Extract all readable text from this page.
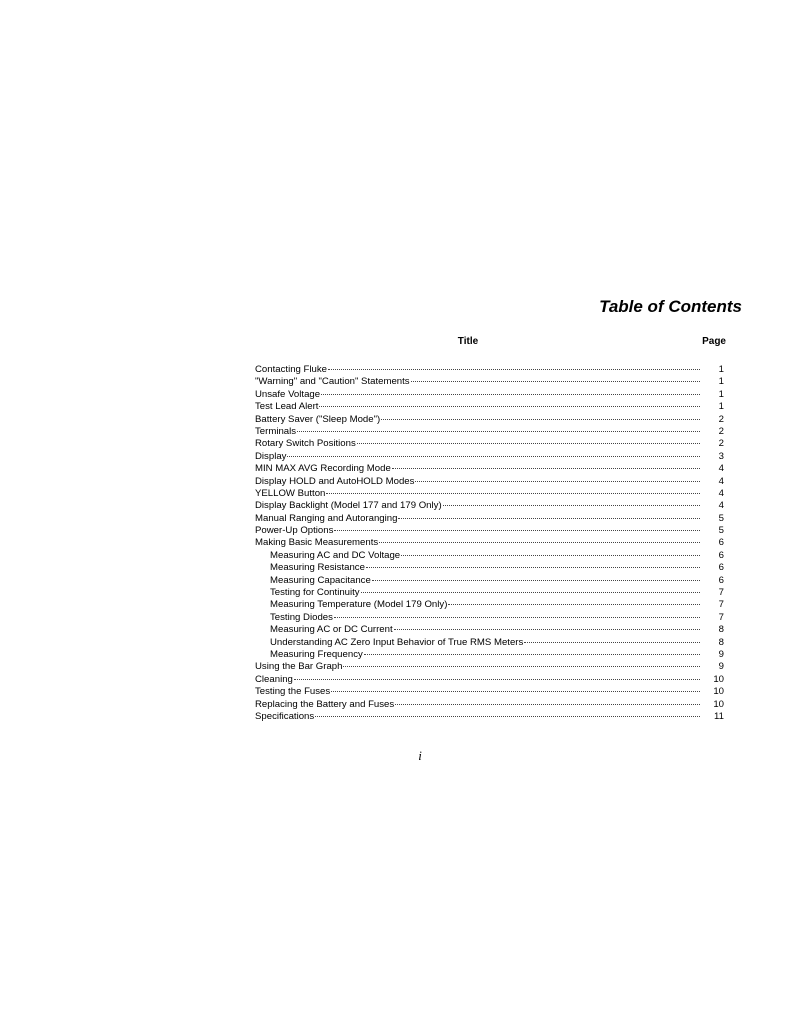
Table of Contents
Title	Page
Contacting Fluke	1
"Warning" and "Caution" Statements	1
Unsafe Voltage	1
Test Lead Alert	1
Battery Saver ("Sleep Mode")	2
Terminals	2
Rotary Switch Positions	2
Display	3
MIN MAX AVG Recording Mode	4
Display HOLD and AutoHOLD Modes	4
YELLOW Button	4
Display Backlight (Model 177 and 179 Only)	4
Manual Ranging and Autoranging	5
Power-Up Options	5
Making Basic Measurements	6
Measuring AC and DC Voltage	6
Measuring Resistance	6
Measuring Capacitance	6
Testing for Continuity	7
Measuring Temperature (Model 179 Only)	7
Testing Diodes	7
Measuring AC or DC Current	8
Understanding AC Zero Input Behavior of True RMS Meters	8
Measuring Frequency	9
Using the Bar Graph	9
Cleaning	10
Testing the Fuses	10
Replacing the Battery and Fuses	10
Specifications	11
i
